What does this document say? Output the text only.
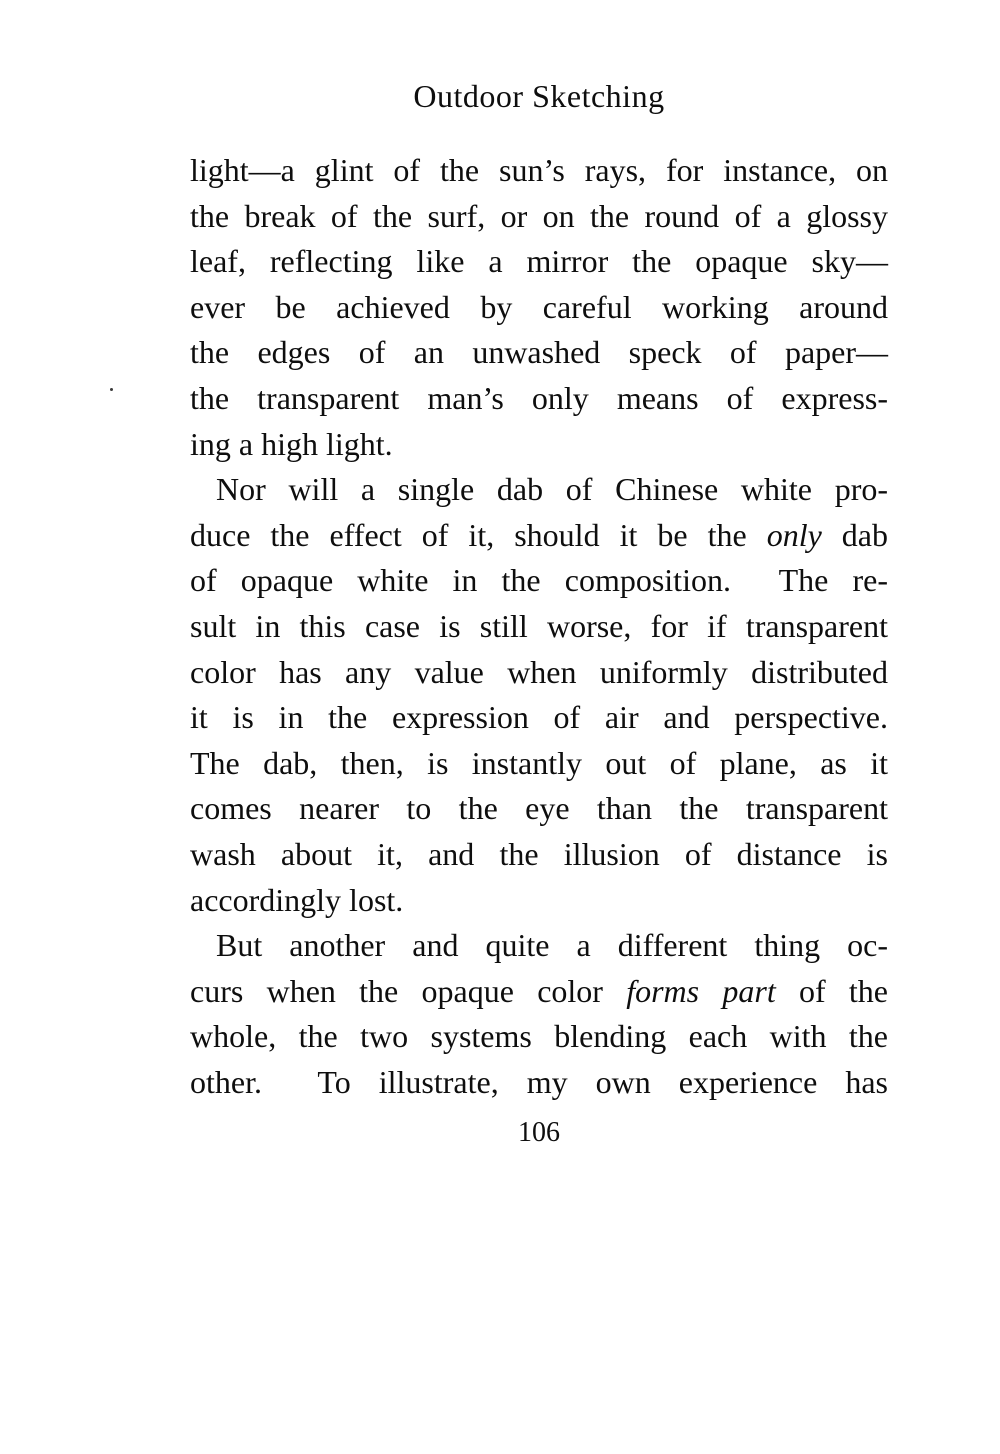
Outdoor Sketching
light—a glint of the sun’s rays, for instance, on
the break of the surf, or on the round of a glossy
leaf, reflecting like a mirror the opaque sky—
ever be achieved by careful working around
the edges of an unwashed speck of paper—
the transparent man’s only means of express-
ing a high light.
Nor will a single dab of Chinese white pro-
duce the effect of it, should it be the only dab
of opaque white in the composition.  The re-
sult in this case is still worse, for if transparent
color has any value when uniformly distributed
it is in the expression of air and perspective.
The dab, then, is instantly out of plane, as it
comes nearer to the eye than the transparent
wash about it, and the illusion of distance is
accordingly lost.
But another and quite a different thing oc-
curs when the opaque color forms part of the
whole, the two systems blending each with the
other.  To illustrate, my own experience has
106
